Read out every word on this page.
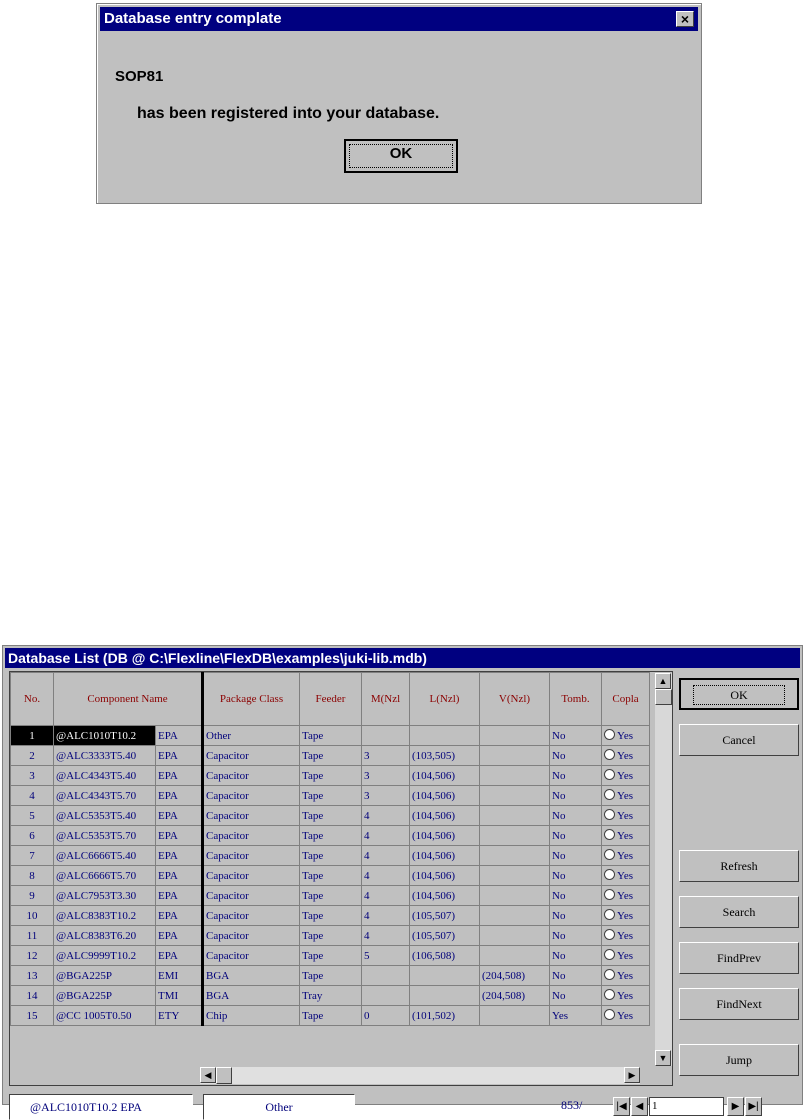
Database entry complate	×
SOP81
has been registered into your database.
OK
Database List (DB @ C:\Flexline\FlexDB\examples\juki-lib.mdb)
No.	Component Name		Package Class	Feeder	M(Nzl	L(Nzl)	V(Nzl)	Tomb.	Copla
1	@ALC1010T10.2	EPA	Other	Tape				No	Yes
2	@ALC3333T5.40	EPA	Capacitor	Tape	3	(103,505)		No	Yes
3	@ALC4343T5.40	EPA	Capacitor	Tape	3	(104,506)		No	Yes
4	@ALC4343T5.70	EPA	Capacitor	Tape	3	(104,506)		No	Yes
5	@ALC5353T5.40	EPA	Capacitor	Tape	4	(104,506)		No	Yes
6	@ALC5353T5.70	EPA	Capacitor	Tape	4	(104,506)		No	Yes
7	@ALC6666T5.40	EPA	Capacitor	Tape	4	(104,506)		No	Yes
8	@ALC6666T5.70	EPA	Capacitor	Tape	4	(104,506)		No	Yes
9	@ALC7953T3.30	EPA	Capacitor	Tape	4	(104,506)		No	Yes
10	@ALC8383T10.2	EPA	Capacitor	Tape	4	(105,507)		No	Yes
11	@ALC8383T6.20	EPA	Capacitor	Tape	4	(105,507)		No	Yes
12	@ALC9999T10.2	EPA	Capacitor	Tape	5	(106,508)		No	Yes
13	@BGA225P	EMI	BGA	Tape			(204,508)	No	Yes
14	@BGA225P	TMI	BGA	Tray			(204,508)	No	Yes
15	@CC 1005T0.50	ETY	Chip	Tape	0	(101,502)		Yes	Yes
▲
▼
◀	▶
OK
Cancel
Refresh
Search
FindPrev
FindNext
Jump
@ALC1010T10.2 EPA	Other	853/	|◀ ◀ 1	▶ ▶|
